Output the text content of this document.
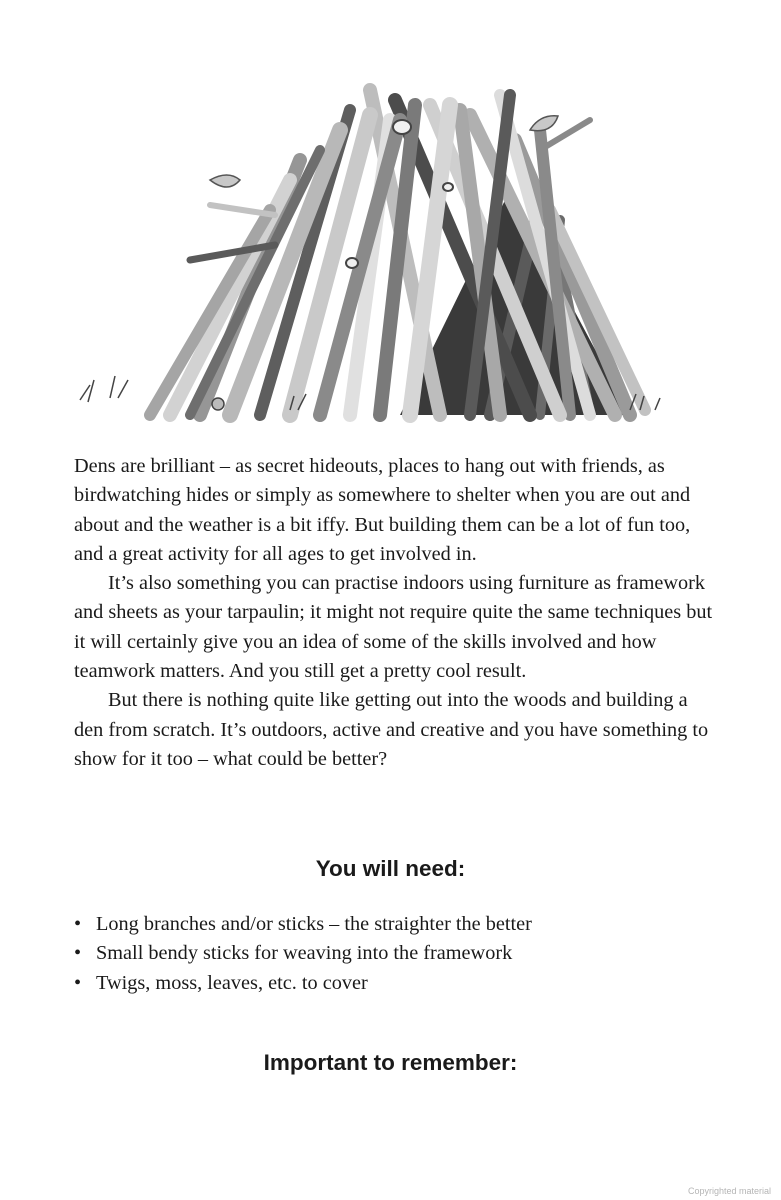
Dens are brilliant – as secret hideouts, places to hang out with friends, as birdwatching hides or simply as somewhere to shelter when you are out and about and the weather is a bit iffy. But building them can be a lot of fun too, and a great activity for all ages to get involved in.

It’s also something you can practise indoors using furniture as framework and sheets as your tarpaulin; it might not require quite the same techniques but it will certainly give you an idea of some of the skills involved and how teamwork matters. And you still get a pretty cool result.

But there is nothing quite like getting out into the woods and building a den from scratch. It’s outdoors, active and creative and you have something to show for it too – what could be better?

You will need:
• Long branches and/or sticks – the straighter the better
• Small bendy sticks for weaving into the framework
• Twigs, moss, leaves, etc. to cover
Important to remember:
Copyrighted material
